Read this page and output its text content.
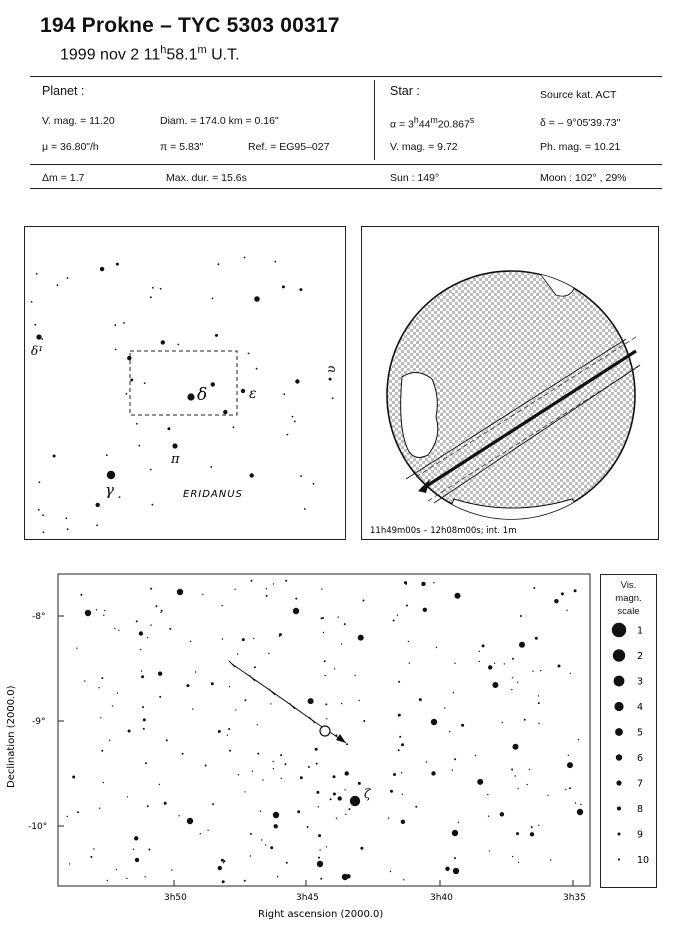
194 Prokne – TYC 5303 00317
1999 nov 2 11$^h$58.1$^m$ U.T.
Planet :
V. mag. = 11.20	Diam. = 174.0 km = 0.16"
μ = 36.80"/h	π = 5.83"	Ref. = EG95–027
Star :	Source kat. ACT
$\alpha = 3^h44^m20.867^s$	δ = – 9°05'39.73"
V. mag. = 9.72	Ph. mag. = 10.21
Δm = 1.7	Max. dur. = 15.6s	Sun : 149°	Moon : 102° , 29%
δ	ε
π
γ
δ¹
υ
ERIDANUS
11h49m00s – 12h08m00s; int. 1m
-8°
-9°
-10°
3h50	3h45	3h40	3h35
Right ascension (2000.0)
Declination (2000.0)
ζ
Vis.
magn.
scale
1
2
3
4
5
6
7
8
9
10
